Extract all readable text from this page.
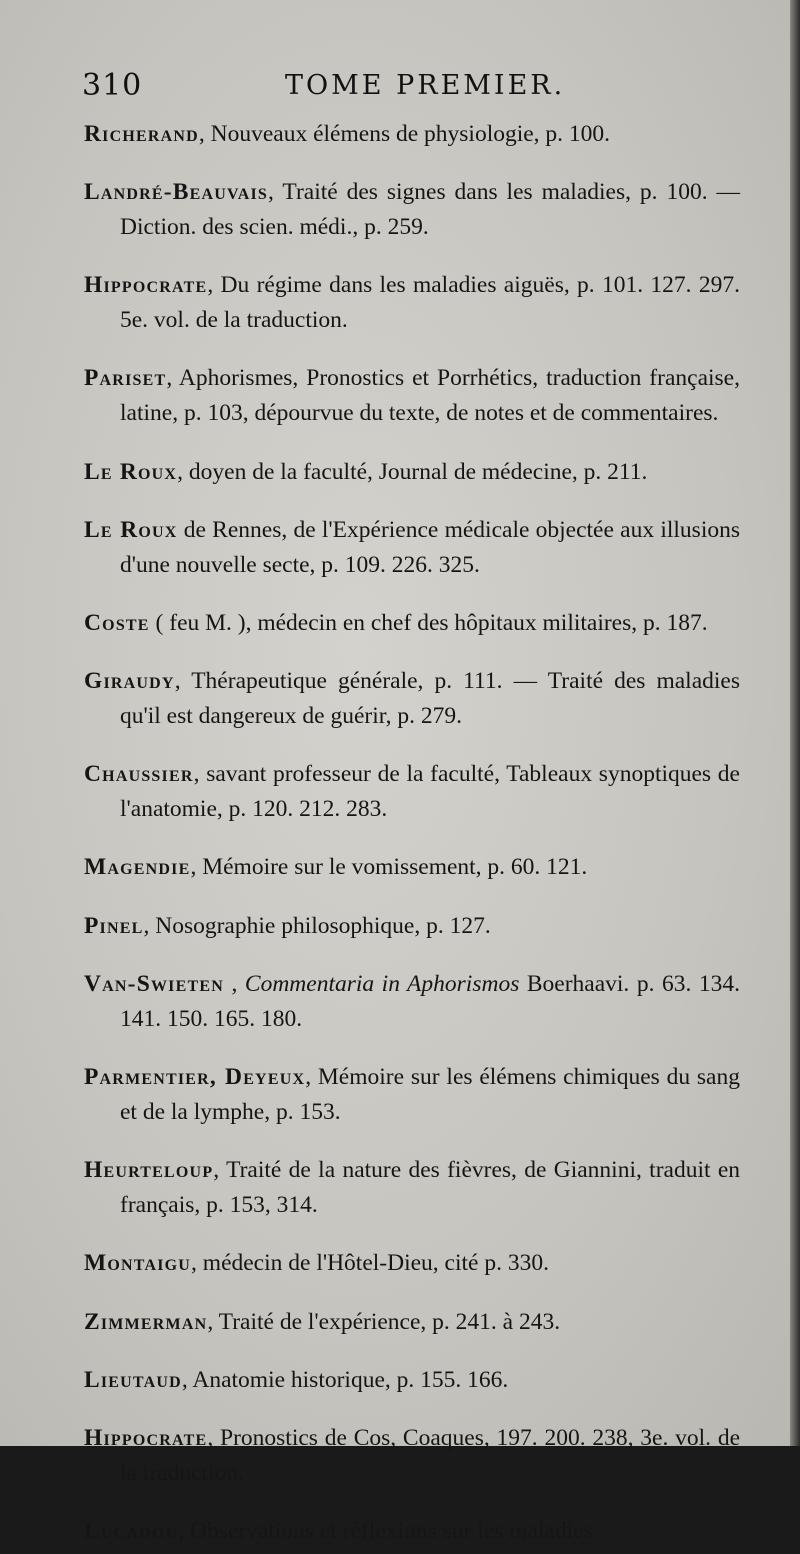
310	TOME PREMIER.

Richerand, Nouveaux élémens de physiologie, p. 100.

Landré-Beauvais, Traité des signes dans les maladies, p. 100. —Diction. des scien. médi., p. 259.

Hippocrate, Du régime dans les maladies aiguës, p. 101. 127. 297. 5e. vol. de la traduction.

Pariset, Aphorismes, Pronostics et Porrhétics, traduction française, latine, p. 103, dépourvue du texte, de notes et de commentaires.

Le Roux, doyen de la faculté, Journal de médecine, p. 211.

Le Roux de Rennes, de l'Expérience médicale objectée aux illusions d'une nouvelle secte, p. 109. 226. 325.

Coste ( feu M. ), médecin en chef des hôpitaux militaires, p. 187.

Giraudy, Thérapeutique générale, p. 111. — Traité des maladies qu'il est dangereux de guérir, p. 279.

Chaussier, savant professeur de la faculté, Tableaux synoptiques de l'anatomie, p. 120. 212. 283.

Magendie, Mémoire sur le vomissement, p. 60. 121.

Pinel, Nosographie philosophique, p. 127.

Van-Swieten , Commentaria in Aphorismos Boerhaavi. p. 63. 134. 141. 150. 165. 180.

Parmentier, Deyeux, Mémoire sur les élémens chimiques du sang et de la lymphe, p. 153.

Heurteloup, Traité de la nature des fièvres, de Giannini, traduit en français, p. 153, 314.

Montaigu, médecin de l'Hôtel-Dieu, cité p. 330.

Zimmerman, Traité de l'expérience, p. 241. à 243.

Lieutaud, Anatomie historique, p. 155. 166.

Hippocrate, Pronostics de Cos, Coaques, 197. 200. 238, 3e. vol. de la traduction.

Lucadou, Observations et réflexions sur les maladies
